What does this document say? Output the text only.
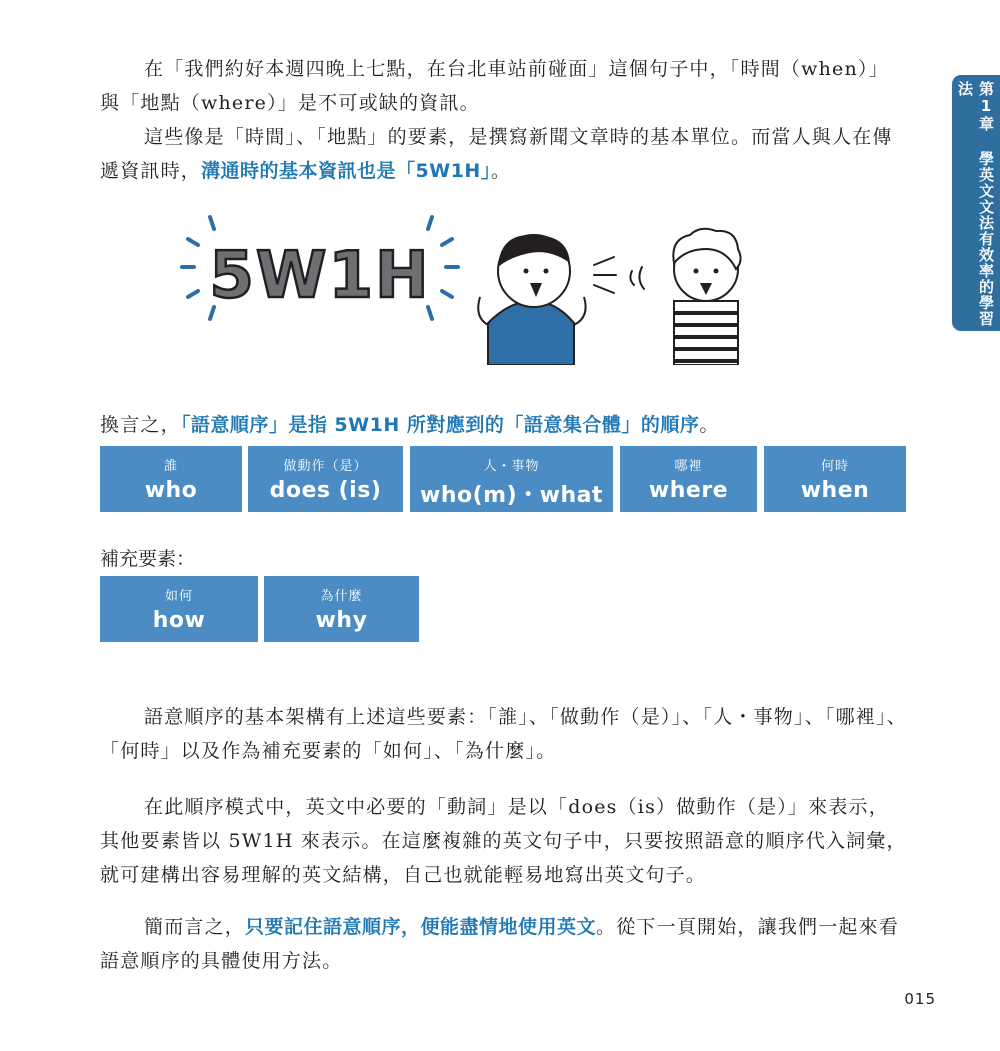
第1章 學英文文法有效率的學習法

在「我們約好本週四晚上七點，在台北車站前碰面」這個句子中，「時間（when）」與「地點（where）」是不可或缺的資訊。

這些像是「時間」、「地點」的要素，是撰寫新聞文章時的基本單位。而當人與人在傳遞資訊時，溝通時的基本資訊也是「5W1H」。

5W1H

換言之，「語意順序」是指 5W1H 所對應到的「語意集合體」的順序。

誰
who
做動作（是）
does (is)
人・事物
who(m)・what
哪裡
where
何時
when
補充要素：
如何
how
為什麼
why

語意順序的基本架構有上述這些要素：「誰」、「做動作（是）」、「人・事物」、「哪裡」、「何時」以及作為補充要素的「如何」、「為什麼」。

在此順序模式中，英文中必要的「動詞」是以「does（is）做動作（是）」來表示，其他要素皆以 5W1H 來表示。在這麼複雜的英文句子中，只要按照語意的順序代入詞彙，就可建構出容易理解的英文結構，自己也就能輕易地寫出英文句子。

簡而言之，只要記住語意順序，便能盡情地使用英文。從下一頁開始，讓我們一起來看語意順序的具體使用方法。

015
